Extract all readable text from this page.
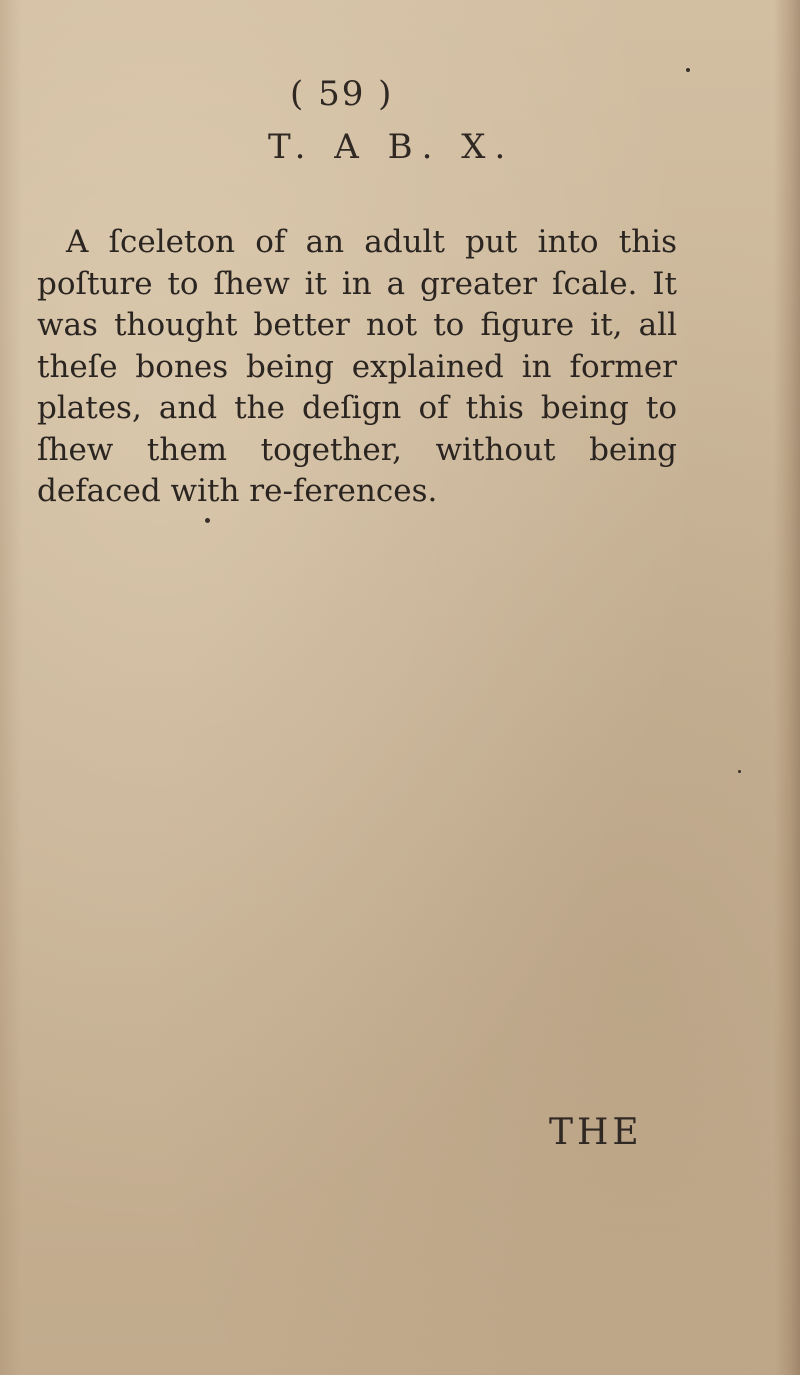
( 59 )
T. A B. X.
A ſceleton of an adult put into this poſture to ſhew it in a greater ſcale. It was thought better not to figure it, all theſe bones being explained in former plates, and the deſign of this being to ſhew them together, without being defaced with re-ferences.
THE
